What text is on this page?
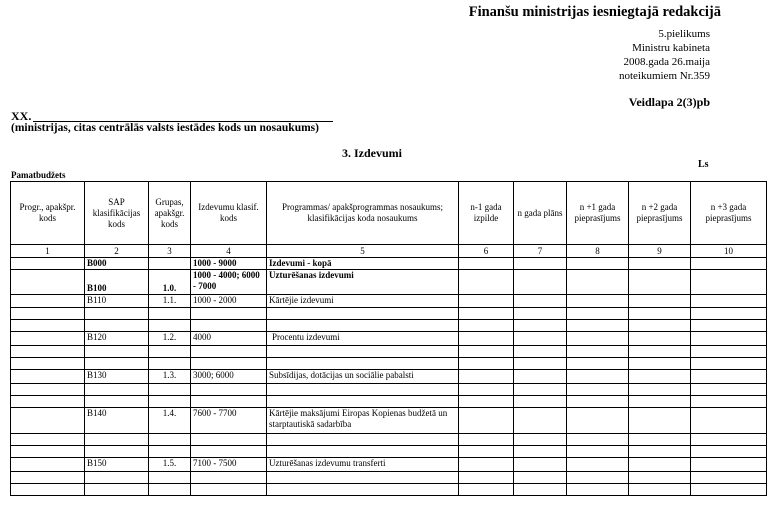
Finanšu ministrijas iesniegtajā redakcijā
5.pielikums
Ministru kabineta
2008.gada 26.maija
noteikumiem Nr.359
Veidlapa 2(3)pb
XX.
(ministrijas, citas centrālās valsts iestādes kods un nosaukums)
3. Izdevumi
Ls
Pamatbudžets
Progr., apakšpr. kods	SAP klasifikācijas kods	Grupas, apakšgr. kods	Izdevumu klasif. kods	Programmas/ apakšprogrammas nosaukums; klasifikācijas koda nosaukums	n-1 gada izpilde	n gada plāns	n +1 gada pieprasījums	n +2 gada pieprasījums	n +3 gada pieprasījums
1	2	3	4	5	6	7	8	9	10
	B000		1000 - 9000	Izdevumi - kopā					
	B100	1.0.	1000 - 4000; 6000 - 7000	Uzturēšanas izdevumi					
	B110	1.1.	1000 - 2000	Kārtējie izdevumi					

	B120	1.2.	4000	Procentu izdevumi					

	B130	1.3.	3000; 6000	Subsīdijas, dotācijas un sociālie pabalsti					

	B140	1.4.	7600 - 7700	Kārtējie maksājumi Eiropas Kopienas budžetā un starptautiskā sadarbība					

	B150	1.5.	7100 - 7500	Uzturēšanas izdevumu transferti					
